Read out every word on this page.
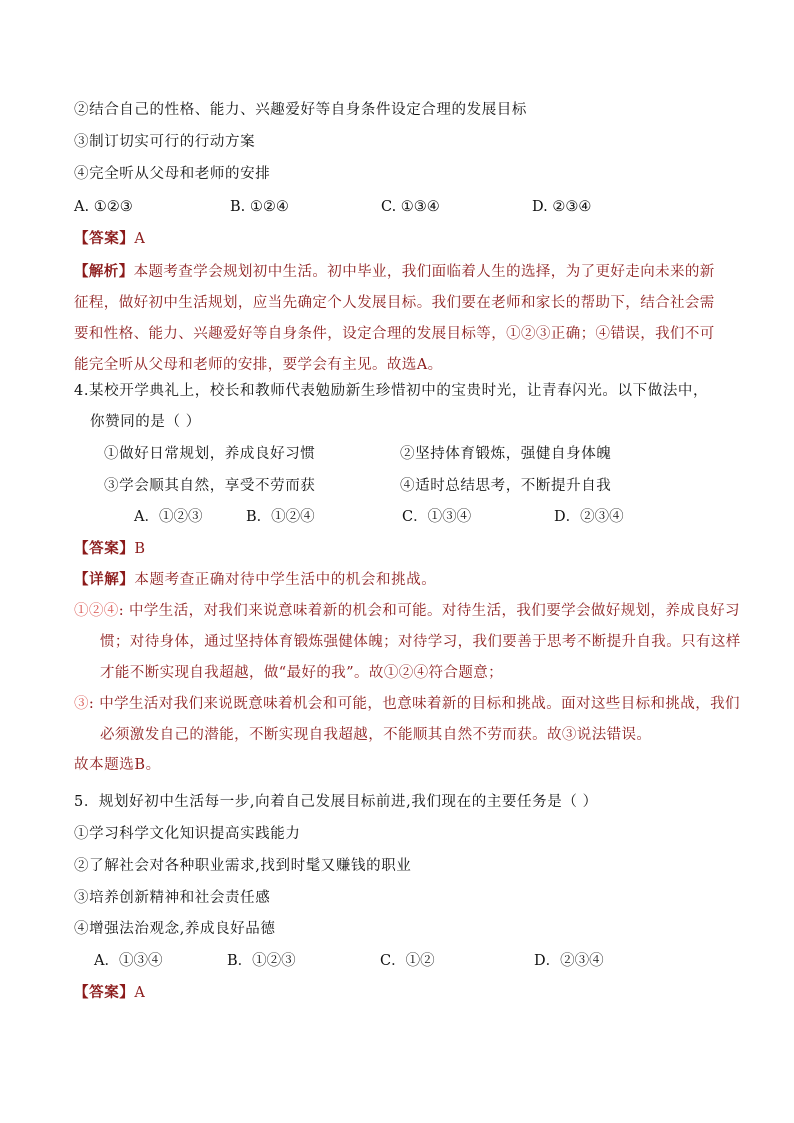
②结合自己的性格、能力、兴趣爱好等自身条件设定合理的发展目标
③制订切实可行的行动方案
④完全听从父母和老师的安排
A. ①②③	B. ①②④	C. ①③④	D. ②③④
【答案】A
【解析】本题考查学会规划初中生活。初中毕业，我们面临着人生的选择，为了更好走向未来的新征程，做好初中生活规划，应当先确定个人发展目标。我们要在老师和家长的帮助下，结合社会需要和性格、能力、兴趣爱好等自身条件，设定合理的发展目标等，①②③正确；④错误，我们不可能完全听从父母和老师的安排，要学会有主见。故选A。
4.某校开学典礼上，校长和教师代表勉励新生珍惜初中的宝贵时光，让青春闪光。以下做法中，
你赞同的是（ ）
①做好日常规划，养成良好习惯	②坚持体育锻炼，强健自身体魄
③学会顺其自然，享受不劳而获	④适时总结思考，不断提升自我
A．①②③	B．①②④	C．①③④	D．②③④
【答案】B
【详解】本题考查正确对待中学生活中的机会和挑战。
①②④: 中学生活，对我们来说意味着新的机会和可能。对待生活，我们要学会做好规划，养成良好习惯；对待身体，通过坚持体育锻炼强健体魄；对待学习，我们要善于思考不断提升自我。只有这样才能不断实现自我超越，做“最好的我”。故①②④符合题意；
③: 中学生活对我们来说既意味着机会和可能，也意味着新的目标和挑战。面对这些目标和挑战，我们必须激发自己的潜能，不断实现自我超越，不能顺其自然不劳而获。故③说法错误。
故本题选B。
5．规划好初中生活每一步,向着自己发展目标前进,我们现在的主要任务是（ ）
①学习科学文化知识提高实践能力
②了解社会对各种职业需求,找到时髦又赚钱的职业
③培养创新精神和社会责任感
④增强法治观念,养成良好品德
A．①③④	B．①②③	C．①②	D．②③④
【答案】A
